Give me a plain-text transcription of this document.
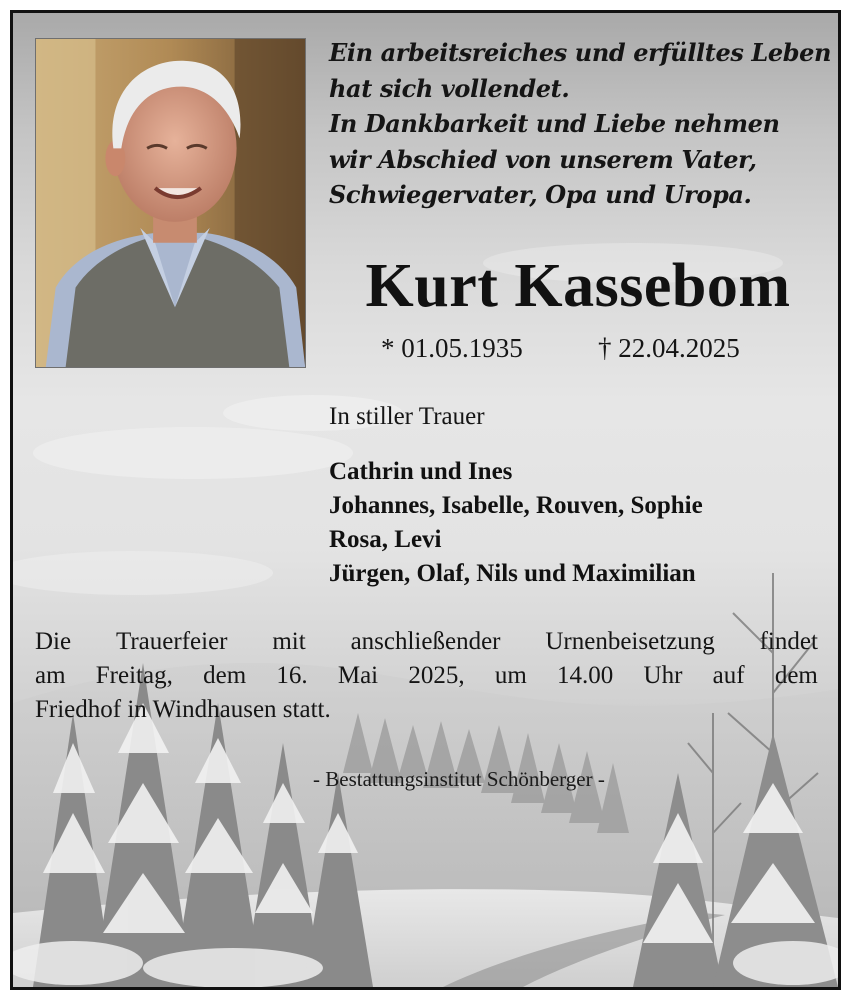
Ein arbeitsreiches und erfülltes Leben
hat sich vollendet.
In Dankbarkeit und Liebe nehmen
wir Abschied von unserem Vater,
Schwiegervater, Opa und Uropa.

Kurt Kassebom
* 01.05.1935	† 22.04.2025
In stiller Trauer
Cathrin und Ines
Johannes, Isabelle, Rouven, Sophie
Rosa, Levi
Jürgen, Olaf, Nils und Maximilian
Die Trauerfeier mit anschließender Urnenbeisetzung findet
am Freitag, dem 16. Mai 2025, um 14.00 Uhr auf dem
Friedhof in Windhausen statt.
- Bestattungsinstitut Schönberger -
